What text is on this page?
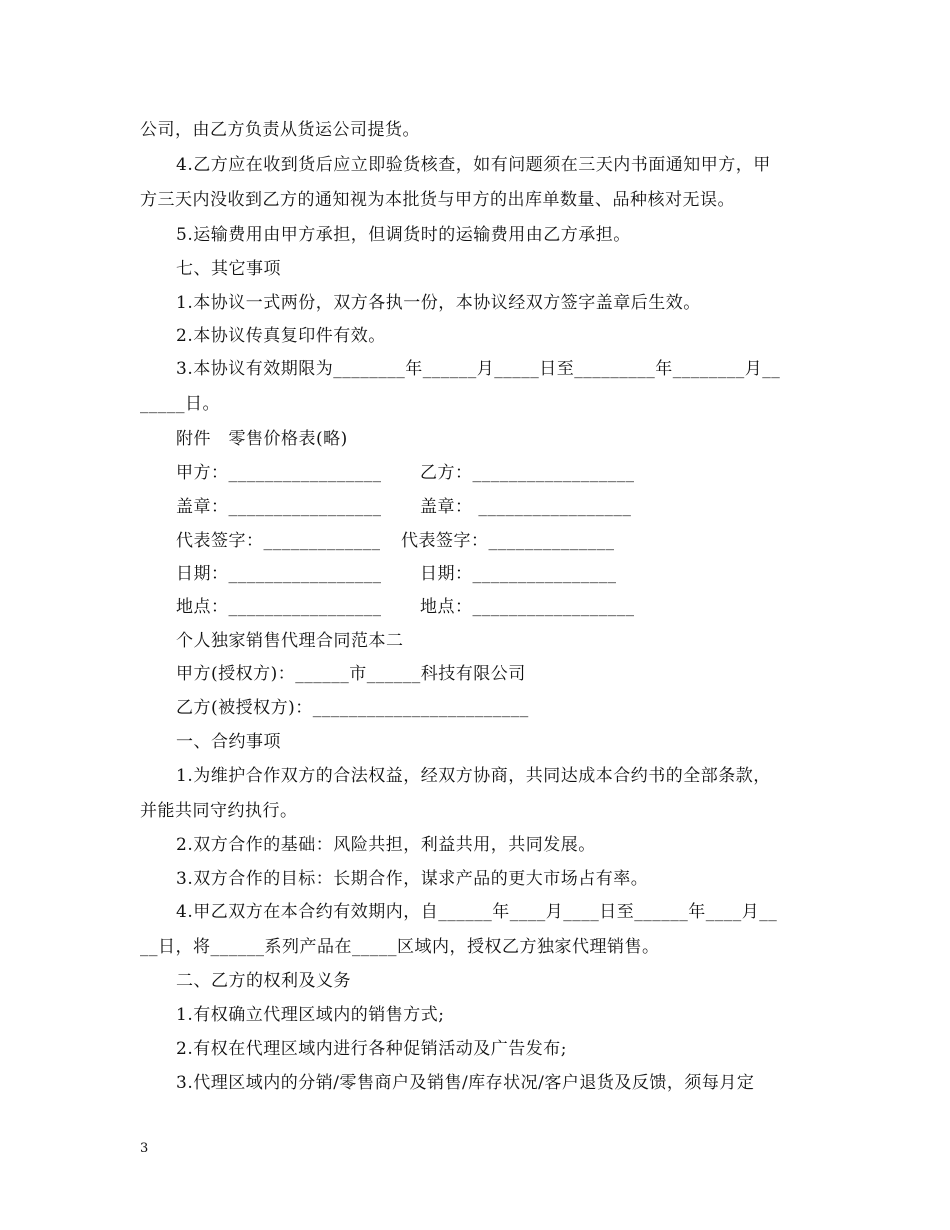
公司，由乙方负责从货运公司提货。
4.乙方应在收到货后应立即验货核查，如有问题须在三天内书面通知甲方，甲
方三天内没收到乙方的通知视为本批货与甲方的出库单数量、品种核对无误。
5.运输费用由甲方承担，但调货时的运输费用由乙方承担。
七、其它事项
1.本协议一式两份，双方各执一份，本协议经双方签字盖章后生效。
2.本协议传真复印件有效。
3.本协议有效期限为________年______月_____日至_________年________月__
_____日。
附件　零售价格表(略)
甲方：_________________ 乙方：__________________
盖章：_________________ 盖章： _________________
代表签字：_____________ 代表签字：______________
日期：_________________ 日期：________________
地点：_________________ 地点：__________________
个人独家销售代理合同范本二
甲方(授权方)：______市______科技有限公司
乙方(被授权方)：________________________
一、合约事项
1.为维护合作双方的合法权益，经双方协商，共同达成本合约书的全部条款，
并能共同守约执行。
2.双方合作的基础：风险共担，利益共用，共同发展。
3.双方合作的目标：长期合作，谋求产品的更大市场占有率。
4.甲乙双方在本合约有效期内，自______年____月____日至______年____月__
__日，将______系列产品在_____区域内，授权乙方独家代理销售。
二、乙方的权利及义务
1.有权确立代理区域内的销售方式;
2.有权在代理区域内进行各种促销活动及广告发布;
3.代理区域内的分销/零售商户及销售/库存状况/客户退货及反馈，须每月定
3
